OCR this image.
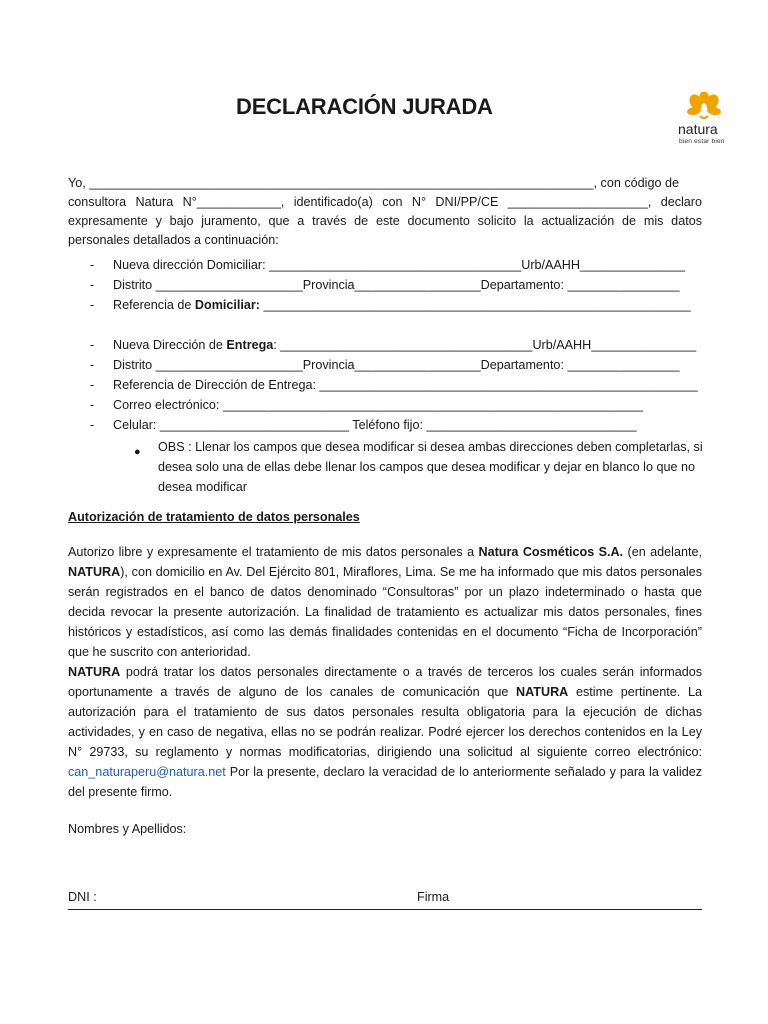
DECLARACIÓN JURADA
natura
bien estar bien
Yo, ________________________________________________________________________, con código de

consultora Natura N°____________, identificado(a) con N° DNI/PP/CE ____________________, declaro

expresamente y bajo juramento, que a través de este documento solicito la actualización de mis datos

personales detallados a continuación:

- Nueva dirección Domiciliar: ____________________________________Urb/AAHH_______________
- Distrito _____________________Provincia__________________Departamento: ________________
- Referencia de Domiciliar: _____________________________________________________________
- Nueva Dirección de Entrega: ____________________________________Urb/AAHH_______________
- Distrito _____________________Provincia__________________Departamento: ________________
- Referencia de Dirección de Entrega: ______________________________________________________
- Correo electrónico: ____________________________________________________________
- Celular: ___________________________ Teléfono fijo: ______________________________
● OBS : Llenar los campos que desea modificar si desea ambas direcciones deben completarlas, si desea solo una de ellas debe llenar los campos que desea modificar y dejar en blanco lo que no desea modificar
Autorización de tratamiento de datos personales

Autorizo libre y expresamente el tratamiento de mis datos personales a Natura Cosméticos S.A. (en adelante, NATURA), con domicilio en Av. Del Ejército 801, Miraflores, Lima. Se me ha informado que mis datos personales serán registrados en el banco de datos denominado “Consultoras” por un plazo indeterminado o hasta que decida revocar la presente autorización. La finalidad de tratamiento es actualizar mis datos personales, fines históricos y estadísticos, así como las demás finalidades contenidas en el documento “Ficha de Incorporación” que he suscrito con anterioridad.

NATURA podrá tratar los datos personales directamente o a través de terceros los cuales serán informados oportunamente a través de alguno de los canales de comunicación que NATURA estime pertinente. La autorización para el tratamiento de sus datos personales resulta obligatoria para la ejecución de dichas actividades, y en caso de negativa, ellas no se podrán realizar. Podré ejercer los derechos contenidos en la Ley N° 29733, su reglamento y normas modificatorias, dirigiendo una solicitud al siguiente correo electrónico: can_naturaperu@natura.net Por la presente, declaro la veracidad de lo anteriormente señalado y para la validez del presente firmo.

Nombres y Apellidos:
DNI :	Firma
